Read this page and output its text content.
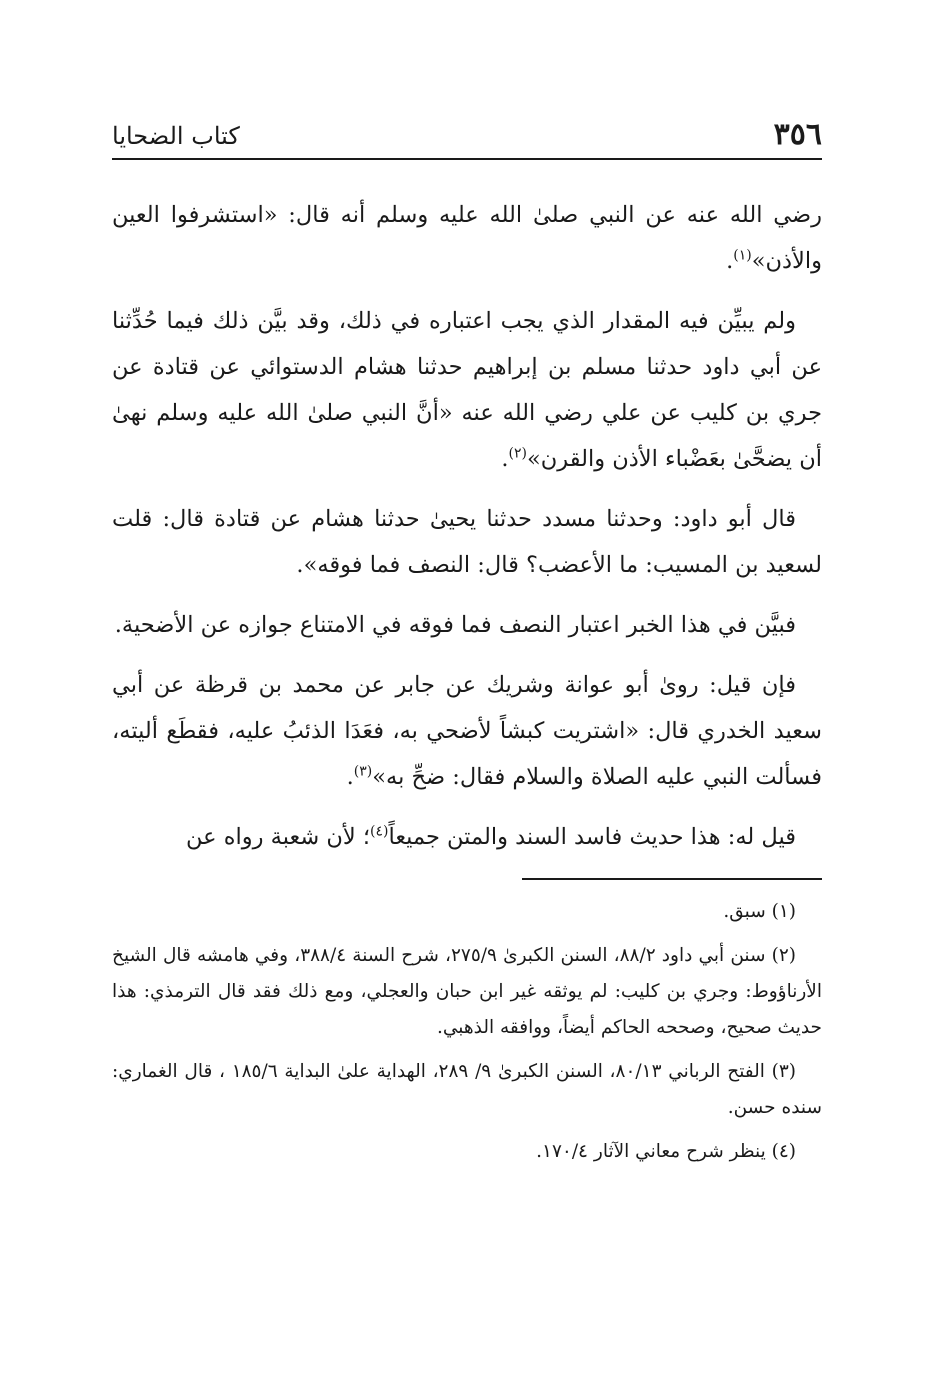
٣٥٦
كتاب الضحايا

رضي الله عنه عن النبي صلىٰ الله عليه وسلم أنه قال: «استشرفوا العين والأذن»$^{(١)}$.

ولم يبيِّن فيه المقدار الذي يجب اعتباره في ذلك، وقد بيَّن ذلك فيما حُدِّثنا عن أبي داود حدثنا مسلم بن إبراهيم حدثنا هشام الدستوائي عن قتادة عن جري بن كليب عن علي رضي الله عنه «أنَّ النبي صلىٰ الله عليه وسلم نهىٰ أن يضحَّىٰ بعَضْباء الأذن والقرن»$^{(٢)}$.

قال أبو داود: وحدثنا مسدد حدثنا يحيىٰ حدثنا هشام عن قتادة قال: قلت لسعيد بن المسيب: ما الأعضب؟ قال: النصف فما فوقه».

فبيَّن في هذا الخبر اعتبار النصف فما فوقه في الامتناع جوازه عن الأضحية.

فإن قيل: روىٰ أبو عوانة وشريك عن جابر عن محمد بن قرظة عن أبي سعيد الخدري قال: «اشتريت كبشاً لأضحي به، فعَدَا الذئبُ عليه، فقطَع أليته، فسألت النبي عليه الصلاة والسلام فقال: ضحِّ به»$^{(٣)}$.

قيل له: هذا حديث فاسد السند والمتن جميعاً$^{(٤)}$؛ لأن شعبة رواه عن

(١) سبق.

(٢) سنن أبي داود ٨٨/٢، السنن الكبرىٰ ٢٧٥/٩، شرح السنة ٣٨٨/٤، وفي هامشه قال الشيخ الأرناؤوط: وجري بن كليب: لم يوثقه غير ابن حبان والعجلي، ومع ذلك فقد قال الترمذي: هذا حديث صحيح، وصححه الحاكم أيضاً، ووافقه الذهبي.

(٣) الفتح الرباني ٨٠/١٣، السنن الكبرىٰ ٩/ ٢٨٩، الهداية علىٰ البداية ١٨٥/٦ ، قال الغماري: سنده حسن.

(٤) ينظر شرح معاني الآثار ١٧٠/٤.
